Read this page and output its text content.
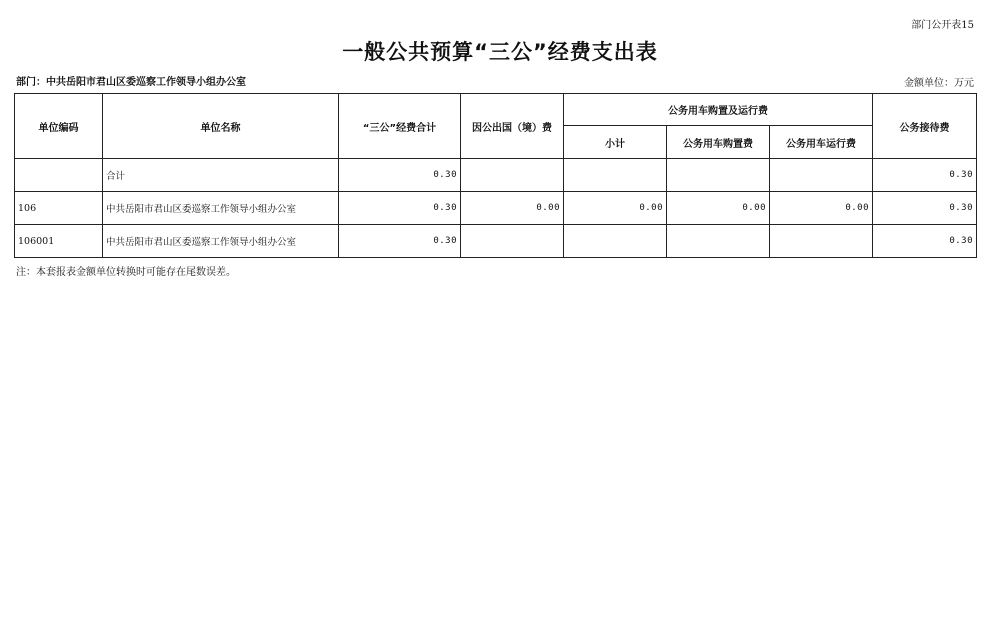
部门公开表15
一般公共预算“三公”经费支出表
部门：中共岳阳市君山区委巡察工作领导小组办公室	金额单位：万元
单位编码	单位名称	“三公”经费合计	因公出国（境）费	公务用车购置及运行费			公务接待费
				小计	公务用车购置费	公务用车运行费	
	合计	0.30					0.30
106	中共岳阳市君山区委巡察工作领导小组办公室	0.30	0.00	0.00	0.00	0.00	0.30
106001	中共岳阳市君山区委巡察工作领导小组办公室	0.30					0.30
注：本套报表金额单位转换时可能存在尾数误差。
